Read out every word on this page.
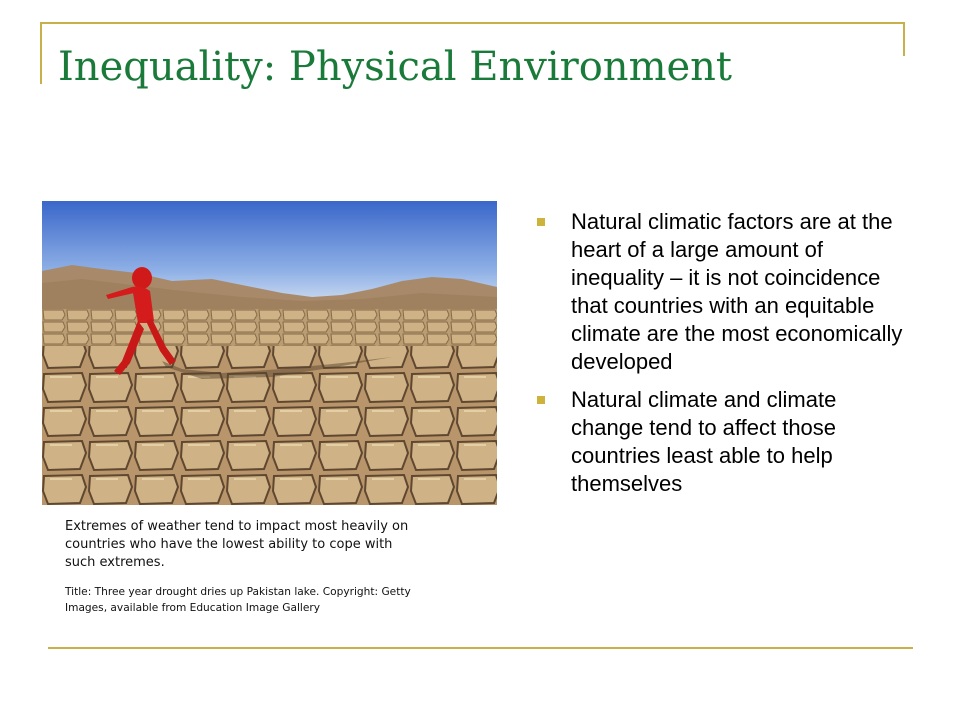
Inequality: Physical Environment
Extremes of weather tend to impact most heavily on countries who have the lowest ability to cope with such extremes.
Title: Three year drought dries up Pakistan lake. Copyright: Getty Images, available from Education Image Gallery
Natural climatic factors are at the heart of a large amount of inequality – it is not coincidence that countries with an equitable climate are the most economically developed
Natural climate and climate change tend to affect those countries least able to help themselves
